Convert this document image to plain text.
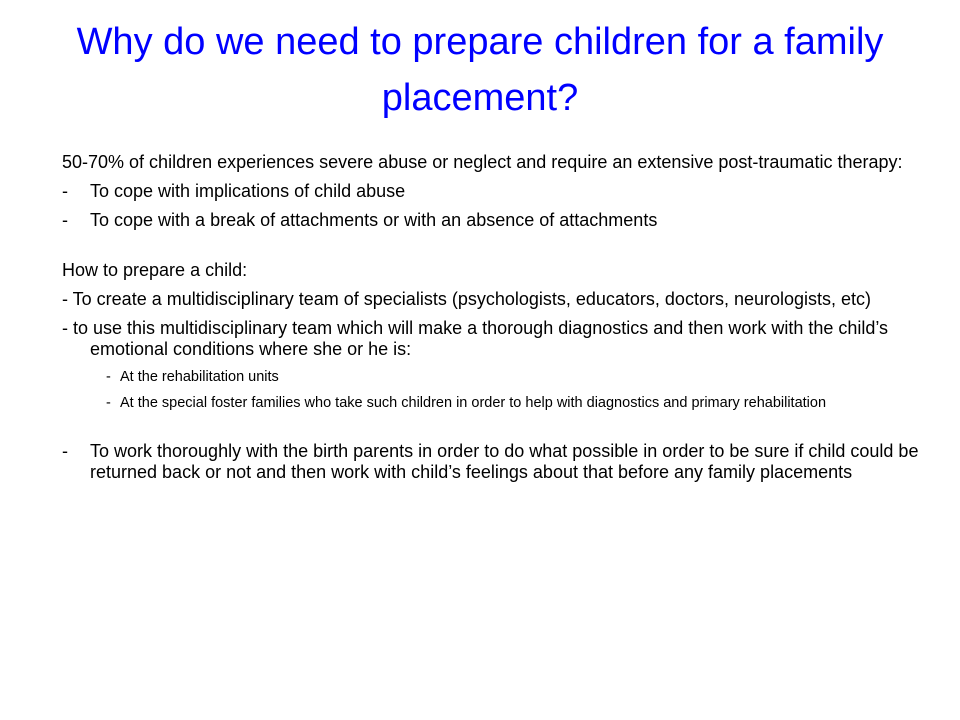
Why do we need to prepare children for a family placement?

50-70% of children experiences severe abuse or neglect and require an extensive post-traumatic therapy:

- To cope with implications of child abuse
- To cope with a break of attachments or with an absence of attachments

How to prepare a child:

- To create a multidisciplinary team of specialists (psychologists, educators, doctors, neurologists, etc)

- to use this multidisciplinary team which will make a thorough diagnostics and then work with the child’s emotional conditions where she or he is:

- At the rehabilitation units
- At the special foster families who take such children in order to help with diagnostics and primary rehabilitation
- To work thoroughly with the birth parents in order to do what possible in order to be sure if child could be returned back or not and then work with child’s feelings about that before any family placements
